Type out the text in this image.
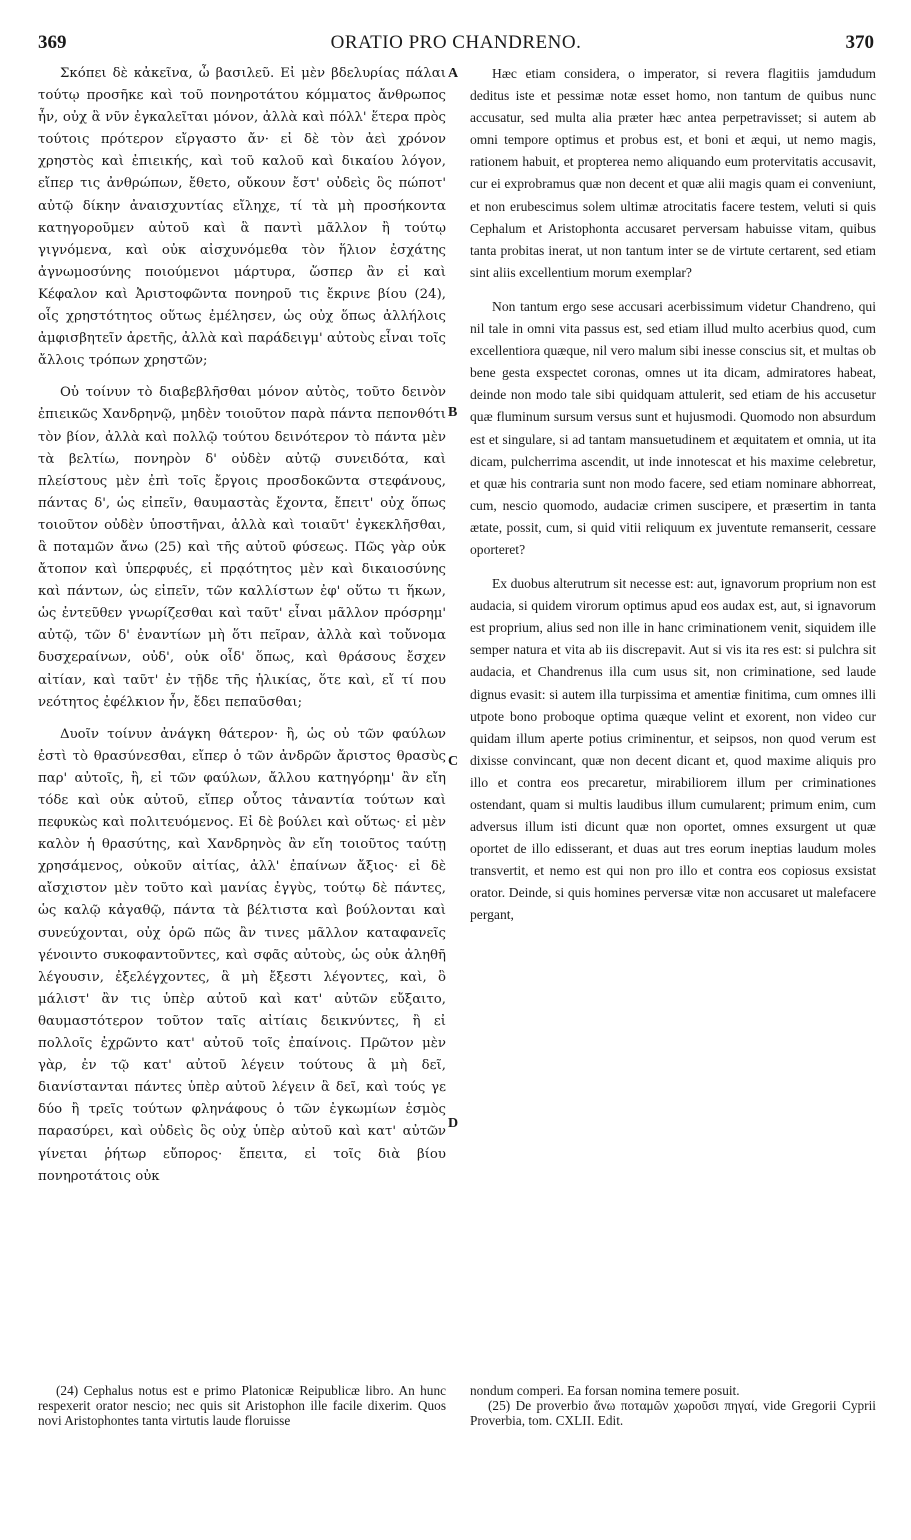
369	ORATIO PRO CHANDRENO.	370

Σκόπει δὲ κἀκεῖνα, ὦ βασιλεῦ. Εἰ μὲν βδελυρίας πάλαι τούτῳ προσῆκε καὶ τοῦ πονηροτάτου κόμματος ἄνθρωπος ἦν, οὐχ ἃ νῦν ἐγκαλεῖται μόνον, ἀλλὰ καὶ πόλλ' ἕτερα πρὸς τούτοις πρότερον εἴργαστο ἄν· εἰ δὲ τὸν ἀεὶ χρόνον χρηστὸς καὶ ἐπιεικής, καὶ τοῦ καλοῦ καὶ δικαίου λόγον, εἴπερ τις ἀνθρώπων, ἔθετο, οὔκουν ἔστ' οὐδεὶς ὃς πώποτ' αὐτῷ δίκην ἀναισχυντίας εἴληχε, τί τὰ μὴ προσήκοντα κατηγοροῦμεν αὐτοῦ καὶ ἃ παντὶ μᾶλλον ἢ τούτῳ γιγνόμενα, καὶ οὐκ αἰσχυνόμεθα τὸν ἥλιον ἐσχάτης ἀγνωμοσύνης ποιούμενοι μάρτυρα, ὥσπερ ἂν εἰ καὶ Κέφαλον καὶ Ἀριστοφῶντα πονηροῦ τις ἔκρινε βίου (24), οἷς χρηστότητος οὕτως ἐμέλησεν, ὡς οὐχ ὅπως ἀλλήλοις ἀμφισβητεῖν ἀρετῆς, ἀλλὰ καὶ παράδειγμ' αὐτοὺς εἶναι τοῖς ἄλλοις τρόπων χρηστῶν;

Οὐ τοίνυν τὸ διαβεβλῆσθαι μόνον αὐτὸς, τοῦτο δεινὸν ἐπιεικῶς Χανδρηνῷ, μηδὲν τοιοῦτον παρὰ πάντα πεπονθότι τὸν βίον, ἀλλὰ καὶ πολλῷ τούτου δεινότερον τὸ πάντα μὲν τὰ βελτίω, πονηρὸν δ' οὐδὲν αὐτῷ συνειδότα, καὶ πλείστους μὲν ἐπὶ τοῖς ἔργοις προσδοκῶντα στεφάνους, πάντας δ', ὡς εἰπεῖν, θαυμαστὰς ἔχοντα, ἔπειτ' οὐχ ὅπως τοιοῦτον οὐδὲν ὑποστῆναι, ἀλλὰ καὶ τοιαῦτ' ἐγκεκλῆσθαι, ἃ ποταμῶν ἄνω (25) καὶ τῆς αὐτοῦ φύσεως. Πῶς γὰρ οὐκ ἄτοπον καὶ ὑπερφυές, εἰ πρᾳότητος μὲν καὶ δικαιοσύνης καὶ πάντων, ὡς εἰπεῖν, τῶν καλλίστων ἐφ' οὕτω τι ἥκων, ὡς ἐντεῦθεν γνωρίζεσθαι καὶ ταῦτ' εἶναι μᾶλλον πρόσρημ' αὐτῷ, τῶν δ' ἐναντίων μὴ ὅτι πεῖραν, ἀλλὰ καὶ τοὔνομα δυσχεραίνων, οὐδ', οὐκ οἶδ' ὅπως, καὶ θράσους ἔσχεν αἰτίαν, καὶ ταῦτ' ἐν τῇδε τῆς ἡλικίας, ὅτε καὶ, εἴ τί που νεότητος ἐφέλκιον ἦν, ἔδει πεπαῦσθαι;

Δυοῖν τοίνυν ἀνάγκη θάτερον· ἢ, ὡς οὐ τῶν φαύλων ἐστὶ τὸ θρασύνεσθαι, εἴπερ ὁ τῶν ἀνδρῶν ἄριστος θρασὺς παρ' αὐτοῖς, ἢ, εἰ τῶν φαύλων, ἄλλου κατηγόρημ' ἂν εἴη τόδε καὶ οὐκ αὐτοῦ, εἴπερ οὗτος τἀναντία τούτων καὶ πεφυκὼς καὶ πολιτευόμενος. Εἰ δὲ βούλει καὶ οὕτως· εἰ μὲν καλὸν ἡ θρασύτης, καὶ Χανδρηνὸς ἂν εἴη τοιοῦτος ταύτῃ χρησάμενος, οὐκοῦν αἰτίας, ἀλλ' ἐπαίνων ἄξιος· εἰ δὲ αἴσχιστον μὲν τοῦτο καὶ μανίας ἐγγὺς, τούτῳ δὲ πάντες, ὡς καλῷ κἀγαθῷ, πάντα τὰ βέλτιστα καὶ βούλονται καὶ συνεύχονται, οὐχ ὁρῶ πῶς ἂν τινες μᾶλλον καταφανεῖς γένοιντο συκοφαντοῦντες, καὶ σφᾶς αὐτοὺς, ὡς οὐκ ἀληθῆ λέγουσιν, ἐξελέγχοντες, ἃ μὴ ἔξεστι λέγοντες, καὶ, ὃ μάλιστ' ἂν τις ὑπὲρ αὐτοῦ καὶ κατ' αὐτῶν εὔξαιτο, θαυμαστότερον τοῦτον ταῖς αἰτίαις δεικνύντες, ἢ εἰ πολλοῖς ἐχρῶντο κατ' αὐτοῦ τοῖς ἐπαίνοις. Πρῶτον μὲν γὰρ, ἐν τῷ κατ' αὐτοῦ λέγειν τούτους ἃ μὴ δεῖ, διανίστανται πάντες ὑπὲρ αὐτοῦ λέγειν ἃ δεῖ, καὶ τούς γε δύο ἢ τρεῖς τούτων φληνάφους ὁ τῶν ἐγκωμίων ἑσμὸς παρασύρει, καὶ οὐδεὶς ὃς οὐχ ὑπὲρ αὐτοῦ καὶ κατ' αὐτῶν γίνεται ῥήτωρ εὔπορος· ἔπειτα, εἰ τοῖς διὰ βίου πονηροτάτοις οὐκ

A
B
C
D

Hæc etiam considera, o imperator, si revera flagitiis jamdudum deditus iste et pessimæ notæ esset homo, non tantum de quibus nunc accusatur, sed multa alia præter hæc antea perpetravisset; si autem ab omni tempore optimus et probus est, et boni et æqui, ut nemo magis, rationem habuit, et propterea nemo aliquando eum protervitatis accusavit, cur ei exprobramus quæ non decent et quæ alii magis quam ei conveniunt, et non erubescimus solem ultimæ atrocitatis facere testem, veluti si quis Cephalum et Aristophonta accusaret perversam habuisse vitam, quibus tanta probitas inerat, ut non tantum inter se de virtute certarent, sed etiam sint aliis excellentium morum exemplar?

Non tantum ergo sese accusari acerbissimum videtur Chandreno, qui nil tale in omni vita passus est, sed etiam illud multo acerbius quod, cum excellentiora quæque, nil vero malum sibi inesse conscius sit, et multas ob bene gesta exspectet coronas, omnes ut ita dicam, admiratores habeat, deinde non modo tale sibi quidquam attulerit, sed etiam de his accusetur quæ fluminum sursum versus sunt et hujusmodi. Quomodo non absurdum est et singulare, si ad tantam mansuetudinem et æquitatem et omnia, ut ita dicam, pulcherrima ascendit, ut inde innotescat et his maxime celebretur, et quæ his contraria sunt non modo facere, sed etiam nominare abhorreat, cum, nescio quomodo, audaciæ crimen suscipere, et præsertim in tanta ætate, possit, cum, si quid vitii reliquum ex juventute remanserit, cessare oporteret?

Ex duobus alterutrum sit necesse est: aut, ignavorum proprium non est audacia, si quidem virorum optimus apud eos audax est, aut, si ignavorum est proprium, alius sed non ille in hanc criminationem venit, siquidem ille semper natura et vita ab iis discrepavit. Aut si vis ita res est: si pulchra sit audacia, et Chandrenus illa cum usus sit, non criminatione, sed laude dignus evasit: si autem illa turpissima et amentiæ finitima, cum omnes illi utpote bono proboque optima quæque velint et exorent, non video cur quidam illum aperte potius criminentur, et seipsos, non quod verum est dixisse convincant, quæ non decent dicant et, quod maxime aliquis pro illo et contra eos precaretur, mirabiliorem illum per criminationes ostendant, quam si multis laudibus illum cumularent; primum enim, cum adversus illum isti dicunt quæ non oportet, omnes exsurgent ut quæ oportet de illo edisserant, et duas aut tres eorum ineptias laudum moles transvertit, et nemo est qui non pro illo et contra eos copiosus exsistat orator. Deinde, si quis homines perversæ vitæ non accusaret ut malefacere pergant,

(24) Cephalus notus est e primo Platonicæ Reipublicæ libro. An hunc respexerit orator nescio; nec quis sit Aristophon ille facile dixerim. Quos novi Aristophontes tanta virtutis laude floruisse

nondum comperi. Ea forsan nomina temere posuit.

(25) De proverbio ἄνω ποταμῶν χωροῦσι πηγαί, vide Gregorii Cyprii Proverbia, tom. CXLII. Edit.
